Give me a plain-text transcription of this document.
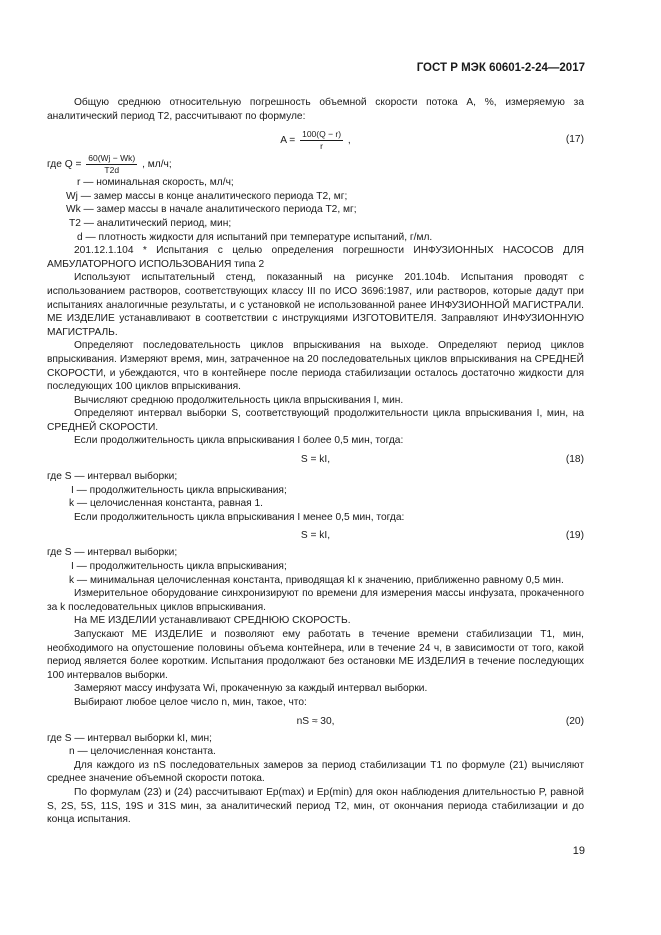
ГОСТ Р МЭК 60601-2-24—2017

Общую среднюю относительную погрешность объемной скорости потока A, %, измеряемую за аналитический период T2, рассчитывают по формуле:

$A = \frac{100(Q - r)}{r}$ ,	(17)
где $Q = \frac{60(Wj - Wk)}{T2d}$ , мл/ч;
r — номинальная скорость, мл/ч;
Wj — замер массы в конце аналитического периода T2, мг;
Wk — замер массы в начале аналитического периода T2, мг;
T2 — аналитический период, мин;
d — плотность жидкости для испытаний при температуре испытаний, г/мл.

201.12.1.104 * Испытания с целью определения погрешности ИНФУЗИОННЫХ НАСОСОВ ДЛЯ АМБУЛАТОРНОГО ИСПОЛЬЗОВАНИЯ типа 2

Используют испытательный стенд, показанный на рисунке 201.104b. Испытания проводят с использованием растворов, соответствующих классу III по ИСО 3696:1987, или растворов, которые дадут при испытаниях аналогичные результаты, и с установкой не использованной ранее ИНФУЗИОННОЙ МАГИСТРАЛИ. МЕ ИЗДЕЛИЕ устанавливают в соответствии с инструкциями ИЗГОТОВИТЕЛЯ. Заправляют ИНФУЗИОННУЮ МАГИСТРАЛЬ.

Определяют последовательность циклов впрыскивания на выходе. Определяют период циклов впрыскивания. Измеряют время, мин, затраченное на 20 последовательных циклов впрыскивания на СРЕДНЕЙ СКОРОСТИ, и убеждаются, что в контейнере после периода стабилизации осталось достаточно жидкости для последующих 100 циклов впрыскивания.

Вычисляют среднюю продолжительность цикла впрыскивания I, мин.

Определяют интервал выборки S, соответствующий продолжительности цикла впрыскивания I, мин, на СРЕДНЕЙ СКОРОСТИ.

Если продолжительность цикла впрыскивания I более 0,5 мин, тогда:

S = kI,	(18)
где S — интервал выборки;
I — продолжительность цикла впрыскивания;
k — целочисленная константа, равная 1.

Если продолжительность цикла впрыскивания I менее 0,5 мин, тогда:

S = kI,	(19)
где S — интервал выборки;
I — продолжительность цикла впрыскивания;

k — минимальная целочисленная константа, приводящая kI к значению, приближенно равному 0,5 мин.

Измерительное оборудование синхронизируют по времени для измерения массы инфузата, прокаченного за k последовательных циклов впрыскивания.

На МЕ ИЗДЕЛИИ устанавливают СРЕДНЮЮ СКОРОСТЬ.

Запускают МЕ ИЗДЕЛИЕ и позволяют ему работать в течение времени стабилизации T1, мин, необходимого на опустошение половины объема контейнера, или в течение 24 ч, в зависимости от того, какой период является более коротким. Испытания продолжают без остановки МЕ ИЗДЕЛИЯ в течение последующих 100 интервалов выборки.

Замеряют массу инфузата Wi, прокаченную за каждый интервал выборки.

Выбирают любое целое число n, мин, такое, что:

nS ≈ 30,	(20)
где S — интервал выборки kI, мин;
n — целочисленная константа.

Для каждого из nS последовательных замеров за период стабилизации T1 по формуле (21) вычисляют среднее значение объемной скорости потока.

По формулам (23) и (24) рассчитывают Ep(max) и Ep(min) для окон наблюдения длительностью P, равной S, 2S, 5S, 11S, 19S и 31S мин, за аналитический период T2, мин, от окончания периода стабилизации и до конца испытания.

19
